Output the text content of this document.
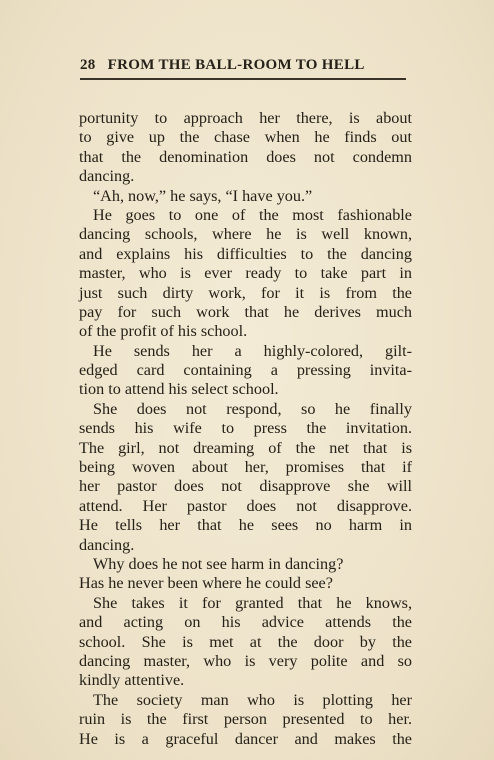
28 FROM THE BALL-ROOM TO HELL
portunity to approach her there, is about
to give up the chase when he finds out
that the denomination does not condemn
dancing.
“Ah, now,” he says, “I have you.”
He goes to one of the most fashionable
dancing schools, where he is well known,
and explains his difficulties to the dancing
master, who is ever ready to take part in
just such dirty work, for it is from the
pay for such work that he derives much
of the profit of his school.
He sends her a highly-colored, gilt-
edged card containing a pressing invita-
tion to attend his select school.
She does not respond, so he finally
sends his wife to press the invitation.
The girl, not dreaming of the net that is
being woven about her, promises that if
her pastor does not disapprove she will
attend. Her pastor does not disapprove.
He tells her that he sees no harm in
dancing.
Why does he not see harm in dancing?
Has he never been where he could see?
She takes it for granted that he knows,
and acting on his advice attends the
school. She is met at the door by the
dancing master, who is very polite and so
kindly attentive.
The society man who is plotting her
ruin is the first person presented to her.
He is a graceful dancer and makes the
